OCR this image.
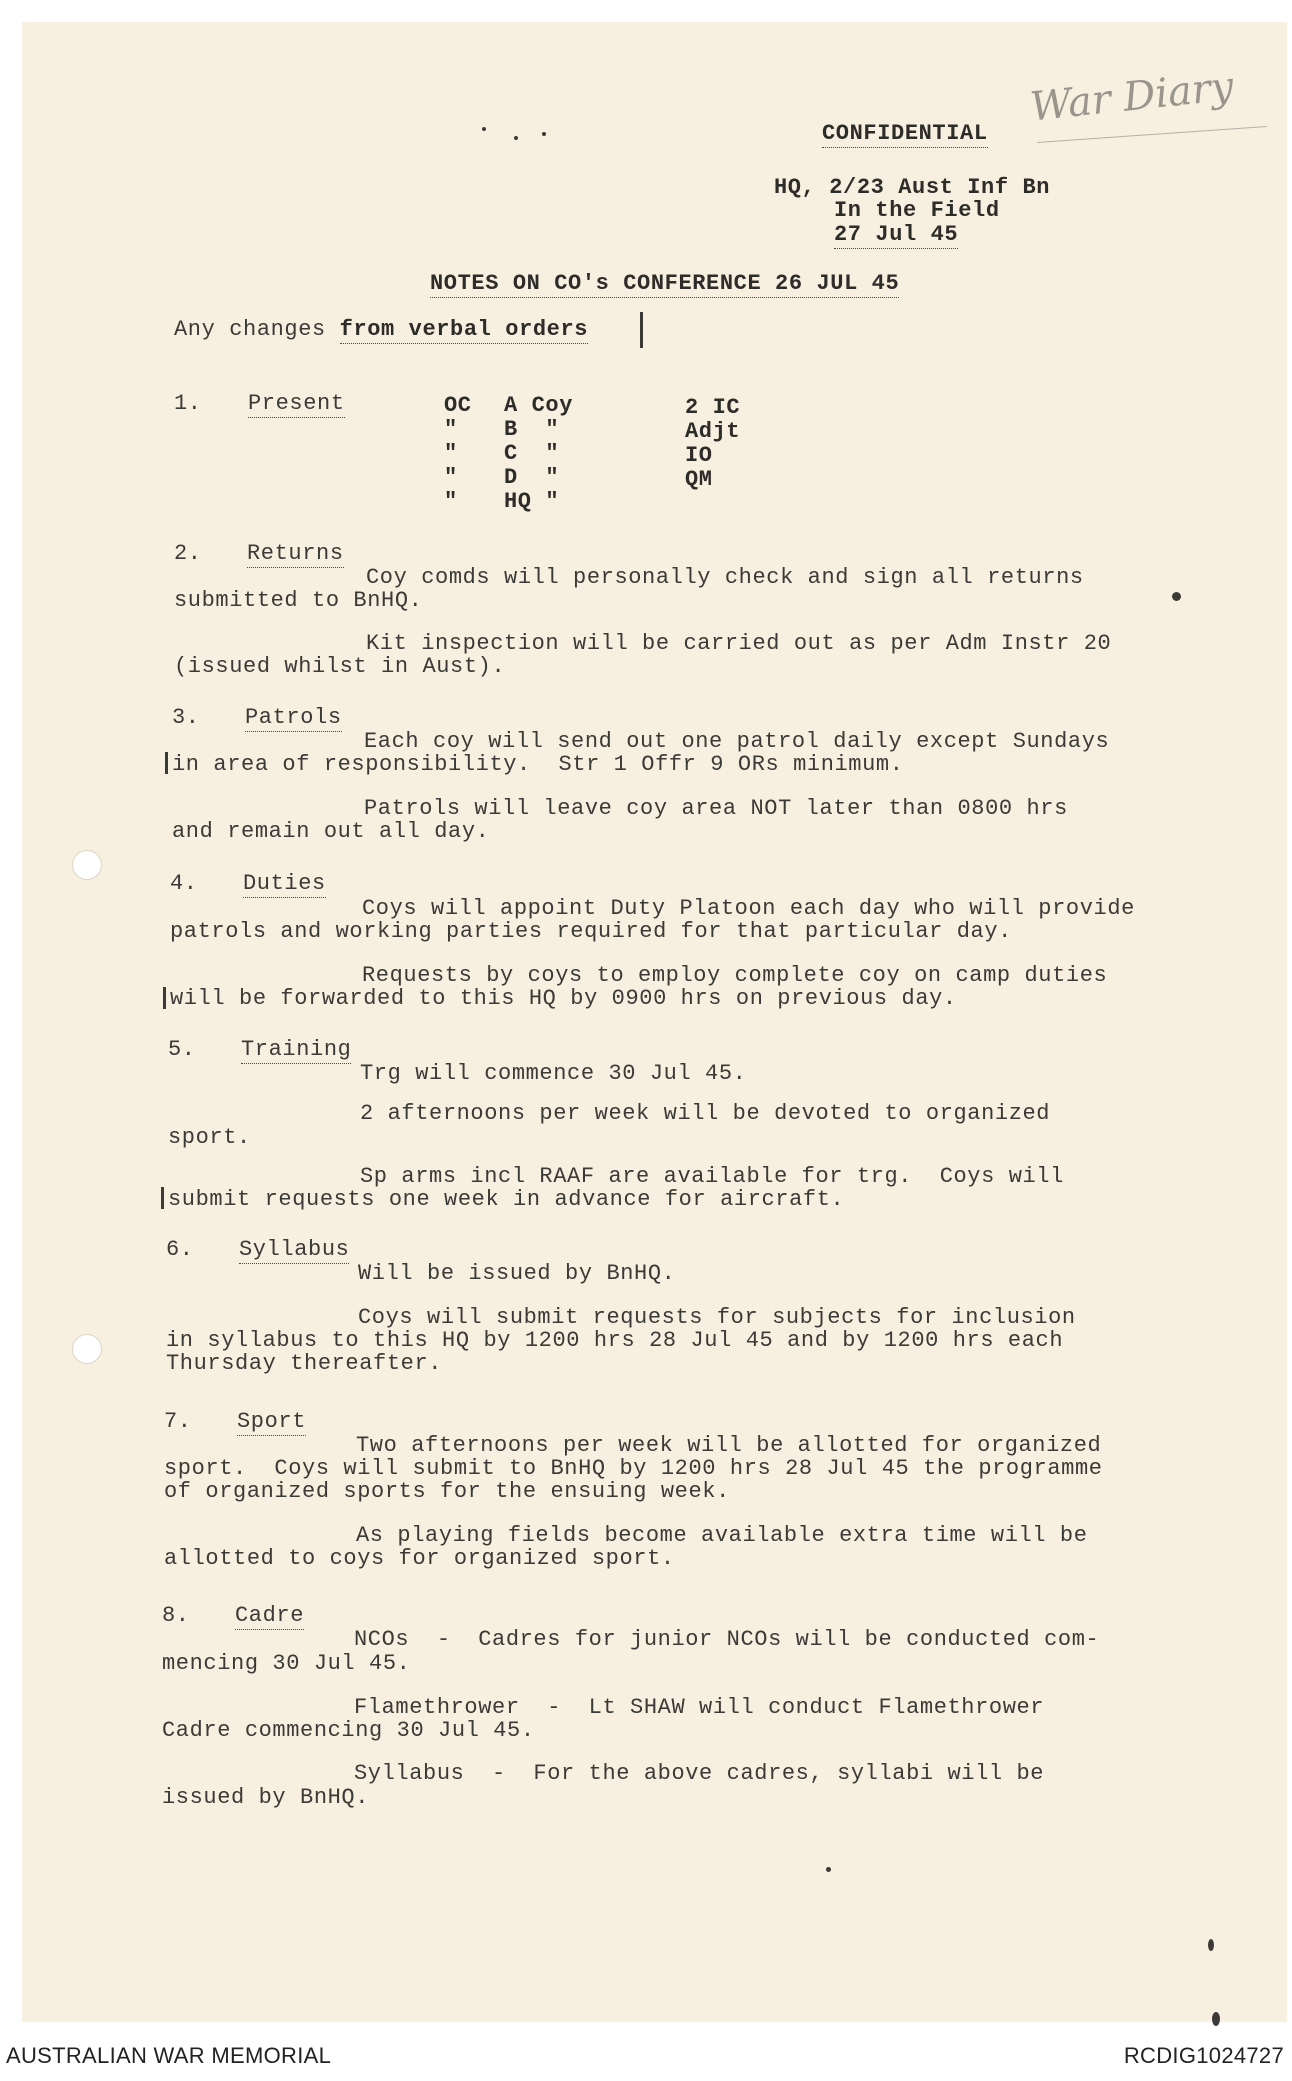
War Diary
CONFIDENTIAL
HQ, 2/23 Aust Inf Bn
In the Field
27 Jul 45
NOTES ON CO's CONFERENCE 26 JUL 45
Any changes from verbal orders
1. Present	OC
"
"
"
"
A Coy
B  "
C  "
D  "
HQ "
2 IC
Adjt
IO
QM
2. Returns
Coy comds will personally check and sign all returns
submitted to BnHQ.
Kit inspection will be carried out as per Adm Instr 20
(issued whilst in Aust).
3. Patrols
Each coy will send out one patrol daily except Sundays
in area of responsibility.  Str 1 Offr 9 ORs minimum.
Patrols will leave coy area NOT later than 0800 hrs
and remain out all day.
4. Duties
Coys will appoint Duty Platoon each day who will provide
patrols and working parties required for that particular day.
Requests by coys to employ complete coy on camp duties
will be forwarded to this HQ by 0900 hrs on previous day.
5. Training
Trg will commence 30 Jul 45.
2 afternoons per week will be devoted to organized
sport.
Sp arms incl RAAF are available for trg.  Coys will
submit requests one week in advance for aircraft.
6. Syllabus
Will be issued by BnHQ.
Coys will submit requests for subjects for inclusion
in syllabus to this HQ by 1200 hrs 28 Jul 45 and by 1200 hrs each
Thursday thereafter.
7. Sport
Two afternoons per week will be allotted for organized
sport.  Coys will submit to BnHQ by 1200 hrs 28 Jul 45 the programme
of organized sports for the ensuing week.
As playing fields become available extra time will be
allotted to coys for organized sport.
8. Cadre
NCOs  -  Cadres for junior NCOs will be conducted com-
mencing 30 Jul 45.
Flamethrower  -  Lt SHAW will conduct Flamethrower
Cadre commencing 30 Jul 45.
Syllabus  -  For the above cadres, syllabi will be
issued by BnHQ.
AUSTRALIAN WAR MEMORIAL	RCDIG1024727
